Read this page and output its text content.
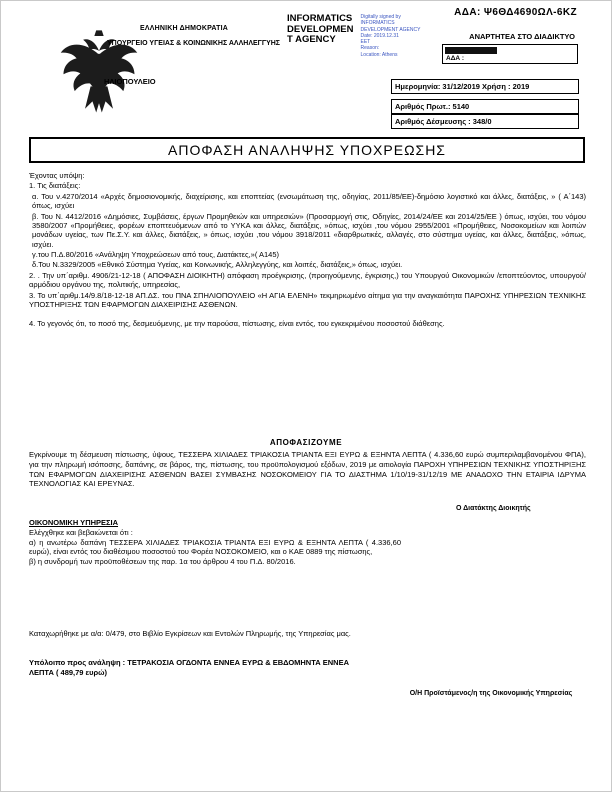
ΑΔΑ: Ψ6ΘΔ4690ΩΛ-6ΚΖ
ΕΛΛΗΝΙΚΗ ΔΗΜΟΚΡΑΤΙΑ
ΥΠΟΥΡΓΕΙΟ ΥΓΕΙΑΣ & ΚΟΙΝΩΝΙΚΗΣ ΑΛΛΗΛΕΓΓΥΗΣ
ΗΛΙΟΠΟΥΛΕΙΟ
INFORMATICS
DEVELOPMEN
T AGENCY
Digitally signed by
INFORMATICS
DEVELOPMENT AGENCY
Date: 2019.12.31
EET
Reason:
Location: Athens
ΑΝΑΡΤΗΤΕΑ ΣΤΟ ΔΙΑΔΙΚΤΥΟ
ΑΔΑ :
Ημερομηνία: 31/12/2019 Χρήση : 2019
Αριθμός Πρωτ.: 5140
Αριθμός Δέσμευσης : 348/0
ΑΠΟΦΑΣΗ ΑΝΑΛΗΨΗΣ ΥΠΟΧΡΕΩΣΗΣ

Έχοντας υπόψη:

1. Τις διατάξεις:

α. Του ν.4270/2014 «Αρχές δημοσιονομικής, διαχείρισης, και εποπτείας (ενσωμάτωση της, οδηγίας, 2011/85/ΕΕ)-δημόσιο λογιστικό και άλλες, διατάξεις, » ( Α΄143) όπως, ισχύει

β. Του Ν. 4412/2016 «Δημόσιες, Συμβάσεις, έργων Προμηθειών και υπηρεσιών» (Προσαρμογή στις, Οδηγίες, 2014/24/ΕΕ και 2014/25/ΕΕ ) όπως, ισχύει, του νόμου 3580/2007 «Προμήθειες, φορέων εποπτευόμενων από το ΥΥΚΑ και άλλες, διατάξεις, »όπως, ισχύει ,του νόμου 2955/2001 «Προμήθειες, Νοσοκομείων και λοιπών μονάδων υγείας, των Πε.Σ.Υ. και άλλες, διατάξεις, » όπως, ισχύει ,του νόμου 3918/2011 «διαρθρωτικές, αλλαγές, στο σύστημα υγείας, και άλλες, διατάξεις, »όπως, ισχύει.

γ.του Π.Δ.80/2016 «Ανάληψη Υποχρεώσεων από τους, Διατάκτες,»( Α145)

δ.Του Ν.3329/2005 «Εθνικό Σύστημα Υγείας, και Κοινωνικής, Αλληλεγγύης, και λοιπές, διατάξεις,» όπως, ισχύει.

2. . Την υπ΄αριθμ. 4906/21-12-18 ( ΑΠΟΦΑΣΗ ΔΙΟΙΚΗΤΗ) απόφαση προέγκρισης, (προηγούμενης, έγκρισης,) του Υπουργού Οικονομικών /εποπτεύοντος, υπουργού/αρμόδιου οργάνου της, πολιτικής, υπηρεσίας,

3. Το υπ΄αριθμ.14/9.8/18-12-18 ΑΠ.ΔΣ. του ΠΝΑ ΣΠΗΛΙΟΠΟΥΛΕΙΟ «Η ΑΓΙΑ ΕΛΕΝΗ» τεκμηριωμένο αίτημα για την αναγκαιότητα ΠΑΡΟΧΗΣ ΥΠΗΡΕΣΙΩΝ ΤΕΧΝΙΚΗΣ ΥΠΟΣΤΗΡΙΞΗΣ ΤΩΝ ΕΦΑΡΜΟΓΩΝ ΔΙΑΧΕΙΡΙΣΗΣ ΑΣΘΕΝΩΝ.

4. Το γεγονός ότι, το ποσό της, δεσμευόμενης, με την παρούσα, πίστωσης, είναι εντός, του εγκεκριμένου ποσοστού διάθεσης.

ΑΠΟΦΑΣΙΖΟΥΜΕ
Εγκρίνουμε τη δέσμευση πίστωσης, ύψους, ΤΕΣΣΕΡΑ ΧΙΛΙΑΔΕΣ ΤΡΙΑΚΟΣΙΑ ΤΡΙΑΝΤΑ ΕΞΙ ΕΥΡΩ & ΕΞΗΝΤΑ ΛΕΠΤΑ ( 4.336,60 ευρώ συμπεριλαμβανομένου ΦΠΑ), για την πληρωμή ισόποσης, δαπάνης, σε βάρος, της, πίστωσης, του προϋπολογισμού εξόδων, 2019 με αιτιολογία ΠΑΡΟΧΗ ΥΠΗΡΕΣΙΩΝ ΤΕΧΝΙΚΗΣ ΥΠΟΣΤΗΡΙΞΗΣ ΤΩΝ ΕΦΑΡΜΟΓΩΝ ΔΙΑΧΕΙΡΙΣΗΣ ΑΣΘΕΝΩΝ ΒΑΣΕΙ ΣΥΜΒΑΣΗΣ ΝΟΣΟΚΟΜΕΙΟΥ ΓΙΑ ΤΟ ΔΙΑΣΤΗΜΑ 1/10/19-31/12/19 ΜΕ ΑΝΑΔΟΧΟ ΤΗΝ ΕΤΑΙΡΙΑ ΙΔΡΥΜΑ ΤΕΧΝΟΛΟΓΙΑΣ ΚΑΙ ΕΡΕΥΝΑΣ.
Ο Διατάκτης Διοικητής

ΟΙΚΟΝΟΜΙΚΗ ΥΠΗΡΕΣΙΑ

Ελέγχθηκε και βεβαιώνεται ότι :

α) η ανωτέρω δαπάνη ΤΕΣΣΕΡΑ ΧΙΛΙΑΔΕΣ ΤΡΙΑΚΟΣΙΑ ΤΡΙΑΝΤΑ ΕΞΙ ΕΥΡΩ & ΕΞΗΝΤΑ ΛΕΠΤΑ ( 4.336,60 ευρώ), είναι εντός του διαθέσιμου ποσοστού του Φορέα ΝΟΣΟΚΟΜΕΙΟ, και ο ΚΑΕ 0889 της πίστωσης,

β) η συνδρομή των προϋποθέσεων της παρ. 1α του άρθρου 4 του Π.Δ. 80/2016.

Καταχωρήθηκε με α/α: 0/479, στο Βιβλίο Εγκρίσεων και Εντολών Πληρωμής, της Υπηρεσίας μας.
Υπόλοιπο προς ανάληψη : ΤΕΤΡΑΚΟΣΙΑ ΟΓΔΟΝΤΑ ΕΝΝΕΑ ΕΥΡΩ & ΕΒΔΟΜΗΝΤΑ ΕΝΝΕΑ ΛΕΠΤΑ ( 489,79 ευρώ)
Ο/Η Προϊστάμενος/η της Οικονομικής Υπηρεσίας
